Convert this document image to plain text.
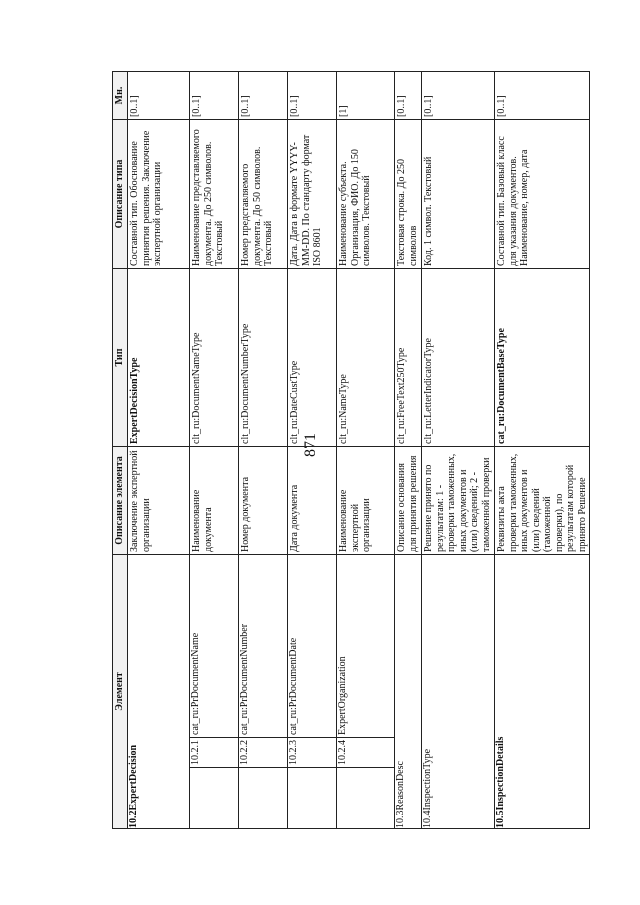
871
Элемент	Описание элемента	Тип	Описание типа	Мн.

10.2
ExpertDecision	Заключение экспертной организации	ExpertDecisionType	Составной тип. Обоснование принятия решения. Заключение экспертной организации	[0..1]

10.2.1
cat_ru:PrDocumentName	Наименование документа	clt_ru:DocumentNameType	Наименование представляемого документа. До 250 символов. Текстовый	[0..1]

10.2.2
cat_ru:PrDocumentNumber	Номер документа	clt_ru:DocumentNumberType	Номер представляемого документа. До 50 символов. Текстовый	[0..1]

10.2.3
cat_ru:PrDocumentDate	Дата документа	clt_ru:DateCustType	Дата. Дата в формате YYYY-MM-DD. По стандарту формат ISO 8601	[0..1]

10.2.4
ExpertOrganization	Наименование экспертной организации	clt_ru:NameType	Наименование субъекта. Организация, ФИО. До 150 символов. Текстовый	[1]

10.3
ReasonDesc	Описание основания для принятия решения	clt_ru:FreeText250Type	Текстовая строка. До 250 символов	[0..1]

10.4
InspectionType	Решение принято по результатам: 1 - проверки таможенных, иных документов и (или) сведений; 2 - таможенной проверки	clt_ru:LetterIndicatorType	Код. 1 символ. Текстовый	[0..1]

10.5
InspectionDetails	Реквизиты акта проверки таможенных, иных документов и (или) сведений (таможенной проверки), по результатам которой принято Решение	cat_ru:DocumentBaseType	Составной тип. Базовый класс для указания документов. Наименование, номер, дата	[0..1]
